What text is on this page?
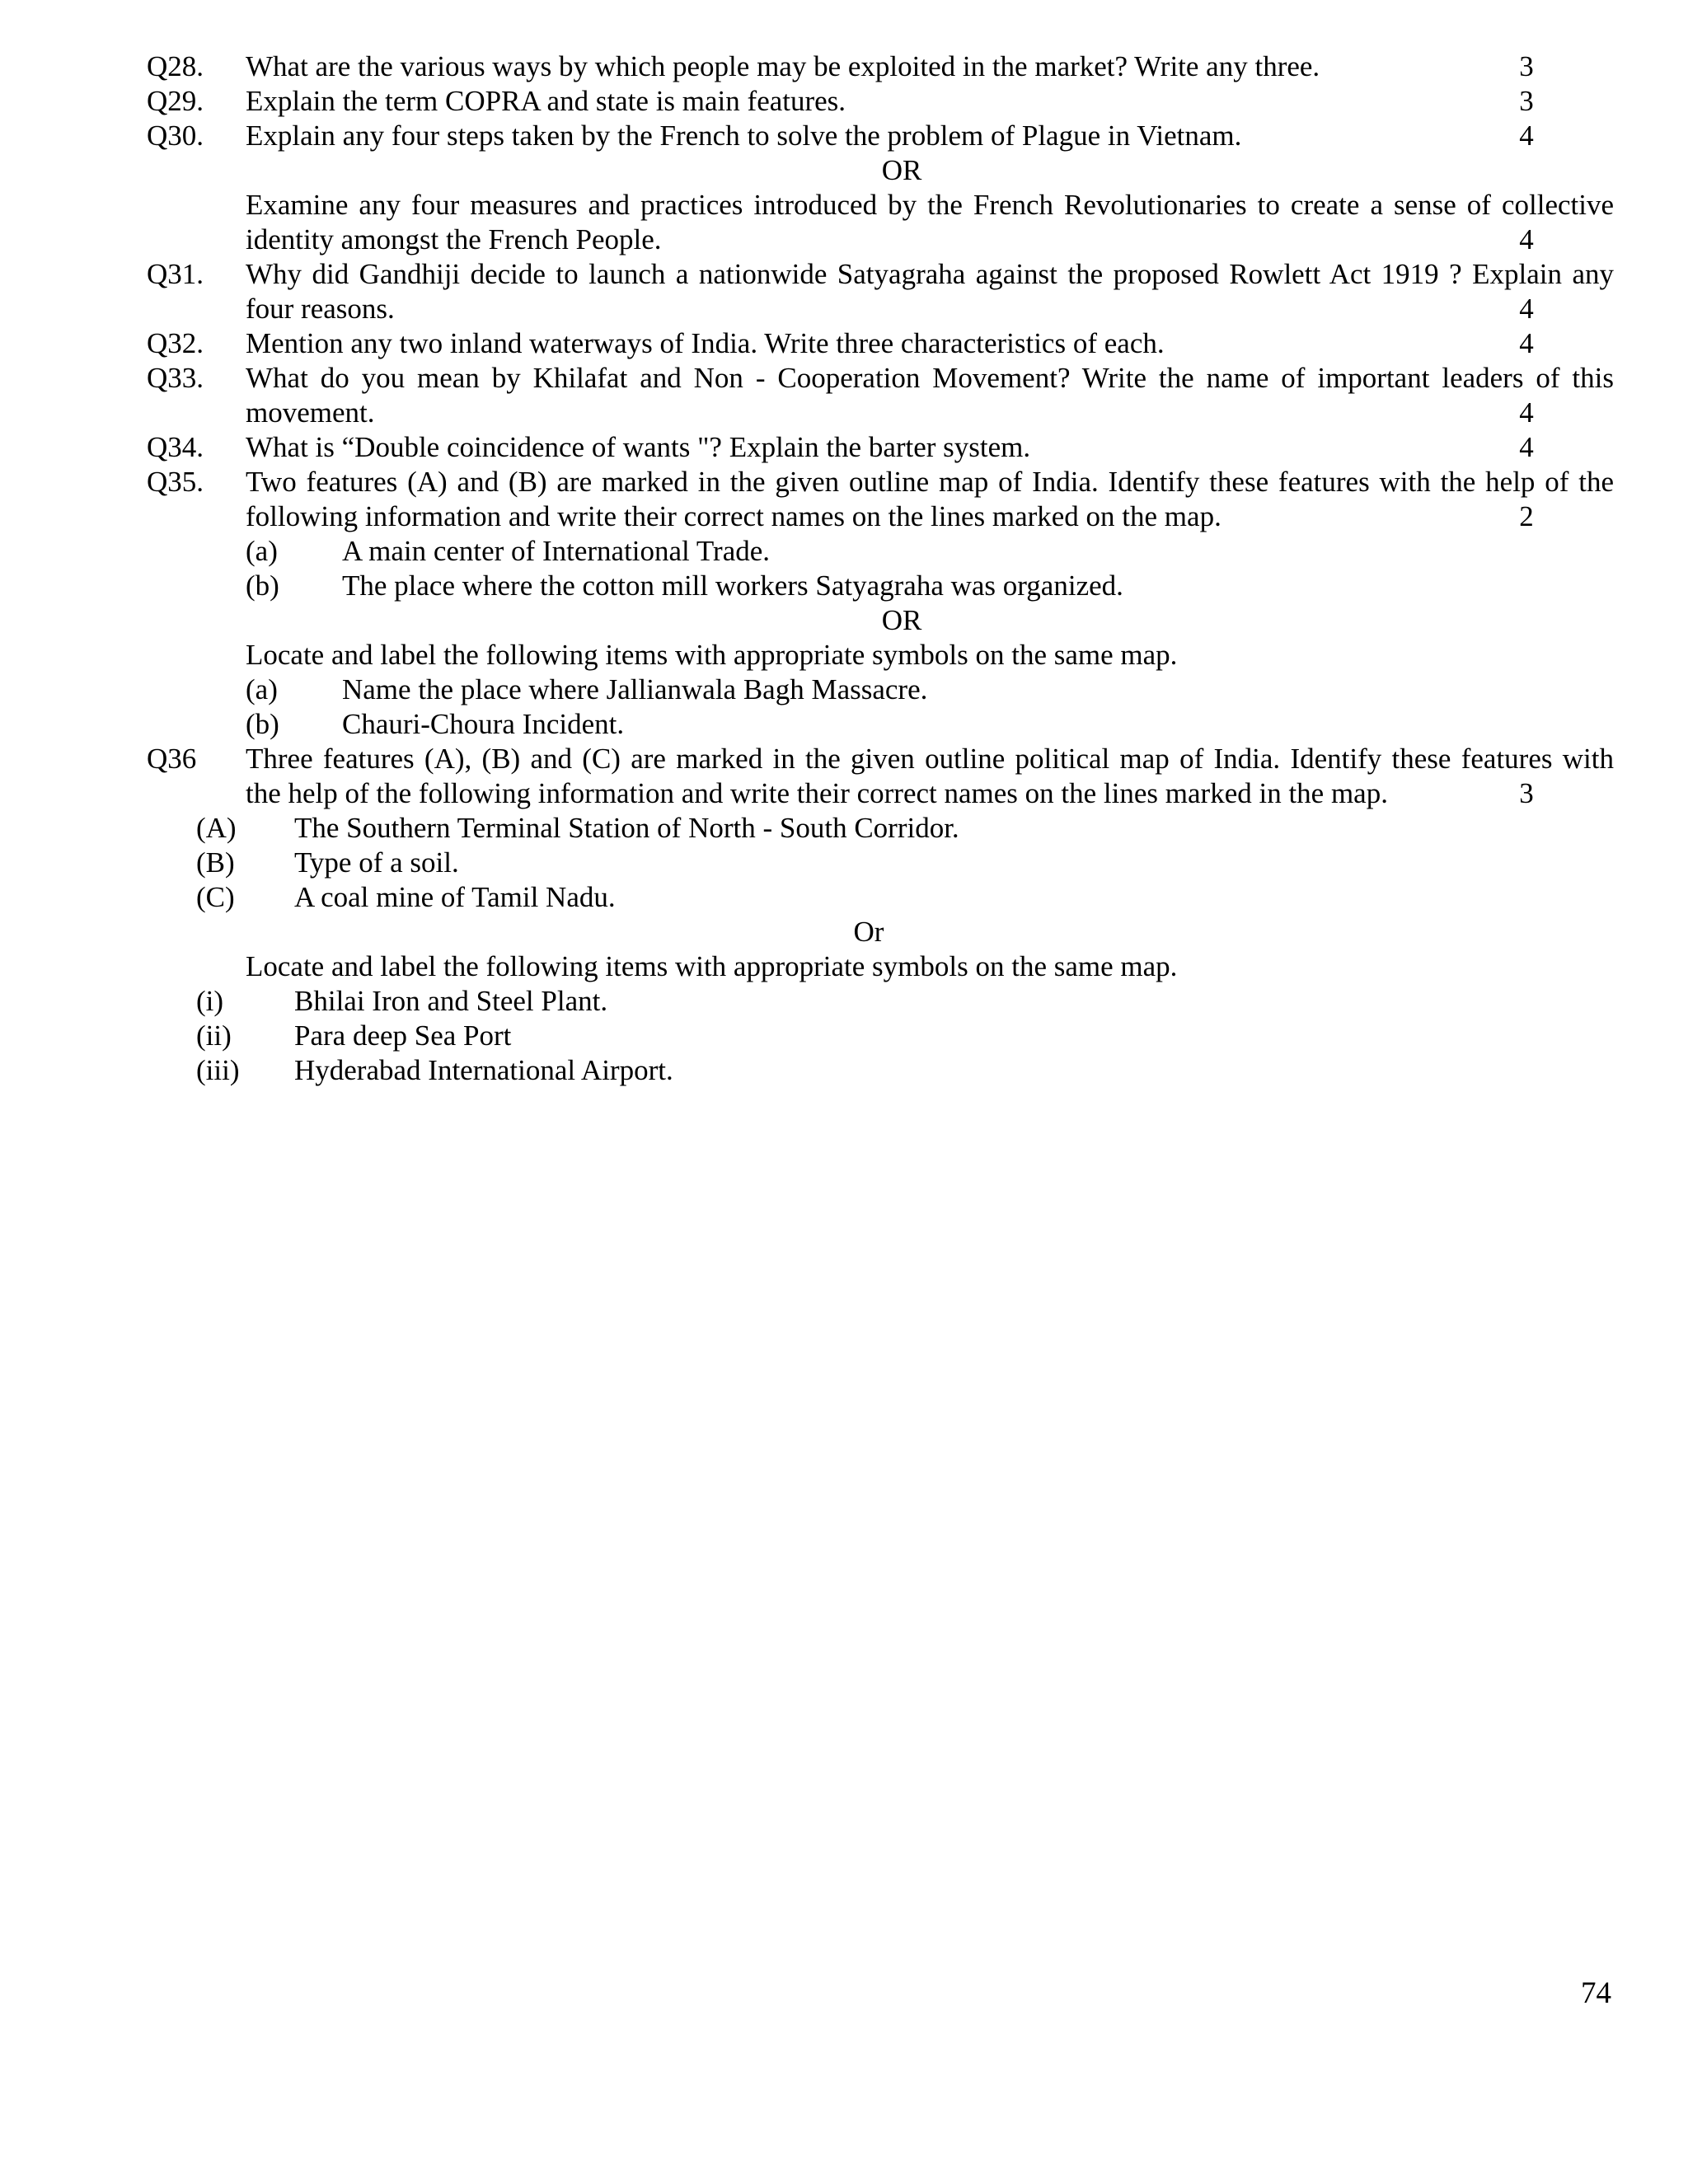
Q28. What are the various ways by which people may be exploited in the market? Write any three.	3
Q29. Explain the term COPRA and state is main features.	3
Q30. Explain any four steps taken by the French to solve the problem of Plague in Vietnam.	4
OR
Examine any four measures and practices introduced by the French Revolutionaries to create a sense of collective
identity amongst the French People.	4
Q31. Why did Gandhiji decide to launch a nationwide Satyagraha against the proposed Rowlett Act 1919 ? Explain any
four reasons.	4
Q32. Mention any two inland waterways of India. Write three characteristics of each.	4
Q33. What do you mean by Khilafat and Non - Cooperation Movement? Write the name of important leaders of this
movement.	4
Q34. What is “Double coincidence of wants "? Explain the barter system.	4
Q35. Two features (A) and (B) are marked in the given outline map of India. Identify these features with the help of the
following information and write their correct names on the lines marked on the map.	2
(a) A main center of International Trade.
(b) The place where the cotton mill workers Satyagraha was organized.
OR
Locate and label the following items with appropriate symbols on the same map.
(a) Name the place where Jallianwala Bagh Massacre.
(b) Chauri-Choura Incident.
Q36 Three features (A), (B) and (C) are marked in the given outline political map of India. Identify these features with
the help of the following information and write their correct names on the lines marked in the map.	3
(A) The Southern Terminal Station of North - South Corridor.
(B) Type of a soil.
(C) A coal mine of Tamil Nadu.
Or
Locate and label the following items with appropriate symbols on the same map.
(i) Bhilai Iron and Steel Plant.
(ii) Para deep Sea Port
(iii) Hyderabad International Airport.
74
